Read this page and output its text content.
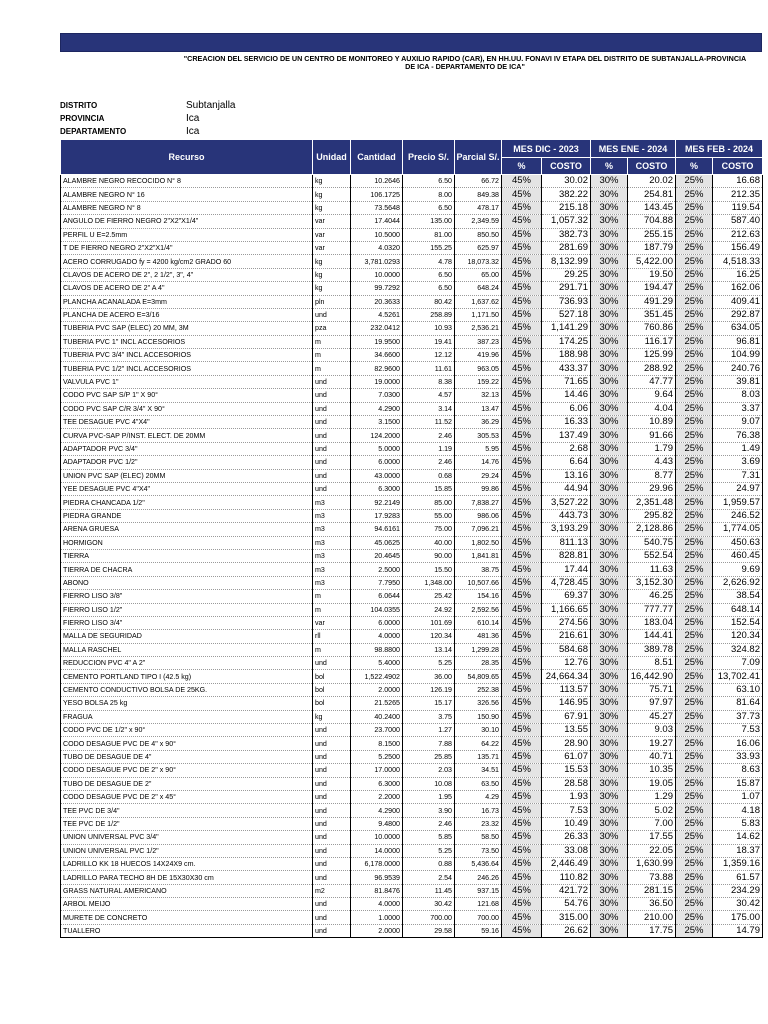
"CREACION DEL SERVICIO DE UN CENTRO DE MONITOREO Y AUXILIO RAPIDO (CAR), EN HH.UU. FONAVI IV ETAPA DEL DISTRITO DE SUBTANJALLA-PROVINCIA DE ICA - DEPARTAMENTO DE ICA"
DISTRITO	Subtanjalla
PROVINCIA	Ica
DEPARTAMENTO	Ica
Recurso	Unidad	Cantidad	Precio S/.	Parcial S/.	MES DIC - 2023		MES ENE - 2024		MES FEB - 2024	
					%	COSTO	%	COSTO	%	COSTO
ALAMBRE NEGRO RECOCIDO N° 8	kg	10.2646	6.50	66.72	45%	30.02	30%	20.02	25%	16.68
ALAMBRE NEGRO N° 16	kg	106.1725	8.00	849.38	45%	382.22	30%	254.81	25%	212.35
ALAMBRE NEGRO N° 8	kg	73.5648	6.50	478.17	45%	215.18	30%	143.45	25%	119.54
ANGULO DE FIERRO NEGRO 2"X2"X1/4"	var	17.4044	135.00	2,349.59	45%	1,057.32	30%	704.88	25%	587.40
PERFIL U E=2.5mm	var	10.5000	81.00	850.50	45%	382.73	30%	255.15	25%	212.63
T DE FIERRO NEGRO 2"X2"X1/4"	var	4.0320	155.25	625.97	45%	281.69	30%	187.79	25%	156.49
ACERO CORRUGADO fy = 4200 kg/cm2 GRADO 60	kg	3,781.0293	4.78	18,073.32	45%	8,132.99	30%	5,422.00	25%	4,518.33
CLAVOS DE ACERO DE 2", 2 1/2", 3", 4"	kg	10.0000	6.50	65.00	45%	29.25	30%	19.50	25%	16.25
CLAVOS DE ACERO DE 2" A 4"	kg	99.7292	6.50	648.24	45%	291.71	30%	194.47	25%	162.06
PLANCHA ACANALADA E=3mm	pln	20.3633	80.42	1,637.62	45%	736.93	30%	491.29	25%	409.41
PLANCHA DE ACERO E=3/16	und	4.5261	258.89	1,171.50	45%	527.18	30%	351.45	25%	292.87
TUBERIA PVC SAP (ELEC) 20 MM, 3M	pza	232.0412	10.93	2,536.21	45%	1,141.29	30%	760.86	25%	634.05
TUBERIA PVC 1" INCL ACCESORIOS	m	19.9500	19.41	387.23	45%	174.25	30%	116.17	25%	96.81
TUBERIA PVC 3/4" INCL ACCESORIOS	m	34.6600	12.12	419.96	45%	188.98	30%	125.99	25%	104.99
TUBERIA PVC 1/2" INCL ACCESORIOS	m	82.9600	11.61	963.05	45%	433.37	30%	288.92	25%	240.76
VALVULA PVC 1"	und	19.0000	8.38	159.22	45%	71.65	30%	47.77	25%	39.81
CODO PVC SAP S/P 1" X 90°	und	7.0300	4.57	32.13	45%	14.46	30%	9.64	25%	8.03
CODO PVC SAP C/R 3/4" X 90°	und	4.2900	3.14	13.47	45%	6.06	30%	4.04	25%	3.37
TEE DESAGUE PVC 4"X4"	und	3.1500	11.52	36.29	45%	16.33	30%	10.89	25%	9.07
CURVA PVC-SAP P/INST. ELECT. DE 20MM	und	124.2000	2.46	305.53	45%	137.49	30%	91.66	25%	76.38
ADAPTADOR PVC 3/4"	und	5.0000	1.19	5.95	45%	2.68	30%	1.79	25%	1.49
ADAPTADOR PVC 1/2"	und	6.0000	2.46	14.76	45%	6.64	30%	4.43	25%	3.69
UNION PVC SAP (ELEC) 20MM	und	43.0000	0.68	29.24	45%	13.16	30%	8.77	25%	7.31
YEE DESAGUE PVC 4"X4"	und	6.3000	15.85	99.86	45%	44.94	30%	29.96	25%	24.97
PIEDRA CHANCADA 1/2"	m3	92.2149	85.00	7,838.27	45%	3,527.22	30%	2,351.48	25%	1,959.57
PIEDRA GRANDE	m3	17.9283	55.00	986.06	45%	443.73	30%	295.82	25%	246.52
ARENA GRUESA	m3	94.6161	75.00	7,096.21	45%	3,193.29	30%	2,128.86	25%	1,774.05
HORMIGON	m3	45.0625	40.00	1,802.50	45%	811.13	30%	540.75	25%	450.63
TIERRA	m3	20.4645	90.00	1,841.81	45%	828.81	30%	552.54	25%	460.45
TIERRA DE CHACRA	m3	2.5000	15.50	38.75	45%	17.44	30%	11.63	25%	9.69
ABONO	m3	7.7950	1,348.00	10,507.66	45%	4,728.45	30%	3,152.30	25%	2,626.92
FIERRO LISO 3/8"	m	6.0644	25.42	154.16	45%	69.37	30%	46.25	25%	38.54
FIERRO LISO 1/2"	m	104.0355	24.92	2,592.56	45%	1,166.65	30%	777.77	25%	648.14
FIERRO LISO 3/4"	var	6.0000	101.69	610.14	45%	274.56	30%	183.04	25%	152.54
MALLA DE SEGURIDAD	rll	4.0000	120.34	481.36	45%	216.61	30%	144.41	25%	120.34
MALLA RASCHEL	m	98.8800	13.14	1,299.28	45%	584.68	30%	389.78	25%	324.82
REDUCCION PVC 4" A 2"	und	5.4000	5.25	28.35	45%	12.76	30%	8.51	25%	7.09
CEMENTO PORTLAND TIPO I (42.5 kg)	bol	1,522.4902	36.00	54,809.65	45%	24,664.34	30%	16,442.90	25%	13,702.41
CEMENTO CONDUCTIVO BOLSA DE 25KG.	bol	2.0000	126.19	252.38	45%	113.57	30%	75.71	25%	63.10
YESO BOLSA 25 kg	bol	21.5265	15.17	326.56	45%	146.95	30%	97.97	25%	81.64
FRAGUA	kg	40.2400	3.75	150.90	45%	67.91	30%	45.27	25%	37.73
CODO PVC DE 1/2" x 90°	und	23.7000	1.27	30.10	45%	13.55	30%	9.03	25%	7.53
CODO DESAGUE PVC DE 4" x 90°	und	8.1500	7.88	64.22	45%	28.90	30%	19.27	25%	16.06
TUBO DE DESAGUE DE 4"	und	5.2500	25.85	135.71	45%	61.07	30%	40.71	25%	33.93
CODO DESAGUE PVC DE 2" x 90°	und	17.0000	2.03	34.51	45%	15.53	30%	10.35	25%	8.63
TUBO DE DESAGUE DE 2"	und	6.3000	10.08	63.50	45%	28.58	30%	19.05	25%	15.87
CODO DESAGUE PVC DE 2" x 45°	und	2.2000	1.95	4.29	45%	1.93	30%	1.29	25%	1.07
TEE PVC DE 3/4"	und	4.2900	3.90	16.73	45%	7.53	30%	5.02	25%	4.18
TEE PVC DE 1/2"	und	9.4800	2.46	23.32	45%	10.49	30%	7.00	25%	5.83
UNION UNIVERSAL PVC 3/4"	und	10.0000	5.85	58.50	45%	26.33	30%	17.55	25%	14.62
UNION UNIVERSAL PVC 1/2"	und	14.0000	5.25	73.50	45%	33.08	30%	22.05	25%	18.37
LADRILLO KK 18 HUECOS 14X24X9 cm.	und	6,178.0000	0.88	5,436.64	45%	2,446.49	30%	1,630.99	25%	1,359.16
LADRILLO PARA TECHO 8H DE 15X30X30 cm	und	96.9539	2.54	246.26	45%	110.82	30%	73.88	25%	61.57
GRASS NATURAL AMERICANO	m2	81.8476	11.45	937.15	45%	421.72	30%	281.15	25%	234.29
ARBOL MEIJO	und	4.0000	30.42	121.68	45%	54.76	30%	36.50	25%	30.42
MURETE DE CONCRETO	und	1.0000	700.00	700.00	45%	315.00	30%	210.00	25%	175.00
TUALLERO	und	2.0000	29.58	59.16	45%	26.62	30%	17.75	25%	14.79
